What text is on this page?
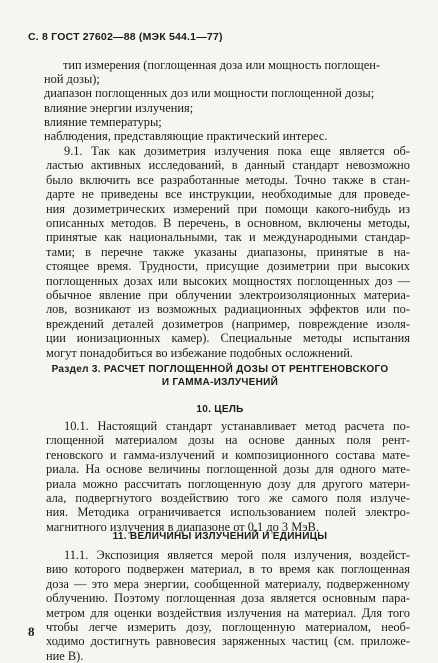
С. 8 ГОСТ 27602—88 (МЭК 544.1—77)
тип измерения (поглощенная доза или мощность поглощен-
ной дозы);
диапазон поглощенных доз или мощности поглощенной дозы;
влияние энергии излучения;
влияние температуры;
наблюдения, представляющие практический интерес.
9.1. Так как дозиметрия излучения пока еще является об-
ластью активных исследований, в данный стандарт невозможно
было включить все разработанные методы. Точно также в стан-
дарте не приведены все инструкции, необходимые для проведе-
ния дозиметрических измерений при помощи какого-нибудь из
описанных методов. В перечень, в основном, включены методы,
принятые как национальными, так и международными стандар-
тами; в перечне также указаны диапазоны, принятые в на-
стоящее время. Трудности, присущие дозиметрии при высоких
поглощенных дозах или высоких мощностях поглощенных доз —
обычное явление при облучении электроизоляционных материа-
лов, возникают из возможных радиационных эффектов или по-
вреждений деталей дозиметров (например, повреждение изоля-
ции ионизационных камер). Специальные методы испытания
могут понадобиться во избежание подобных осложнений.
Раздел 3. РАСЧЕТ ПОГЛОЩЕННОЙ ДОЗЫ ОТ РЕНТГЕНОВСКОГО
И ГАММА-ИЗЛУЧЕНИЙ
10. ЦЕЛЬ
10.1. Настоящий стандарт устанавливает метод расчета по-
глощенной материалом дозы на основе данных поля рент-
геновского и гамма-излучений и композиционного состава мате-
риала. На основе величины поглощенной дозы для одного мате-
риала можно рассчитать поглощенную дозу для другого матери-
ала, подвергнутого воздействию того же самого поля излуче-
ния. Методика ограничивается использованием полей электро-
магнитного излучения в диапазоне от 0,1 до 3 МэВ.
11. ВЕЛИЧИНЫ ИЗЛУЧЕНИЙ И ЕДИНИЦЫ
11.1. Экспозиция является мерой поля излучения, воздейст-
вию которого подвержен материал, в то время как поглощенная
доза — это мера энергии, сообщенной материалу, подверженному
облучению. Поэтому поглощенная доза является основным пара-
метром для оценки воздействия излучения на материал. Для того
чтобы легче измерить дозу, поглощенную материалом, необ-
ходимо достигнуть равновесия заряженных частиц (см. приложе-
ние В).
8
